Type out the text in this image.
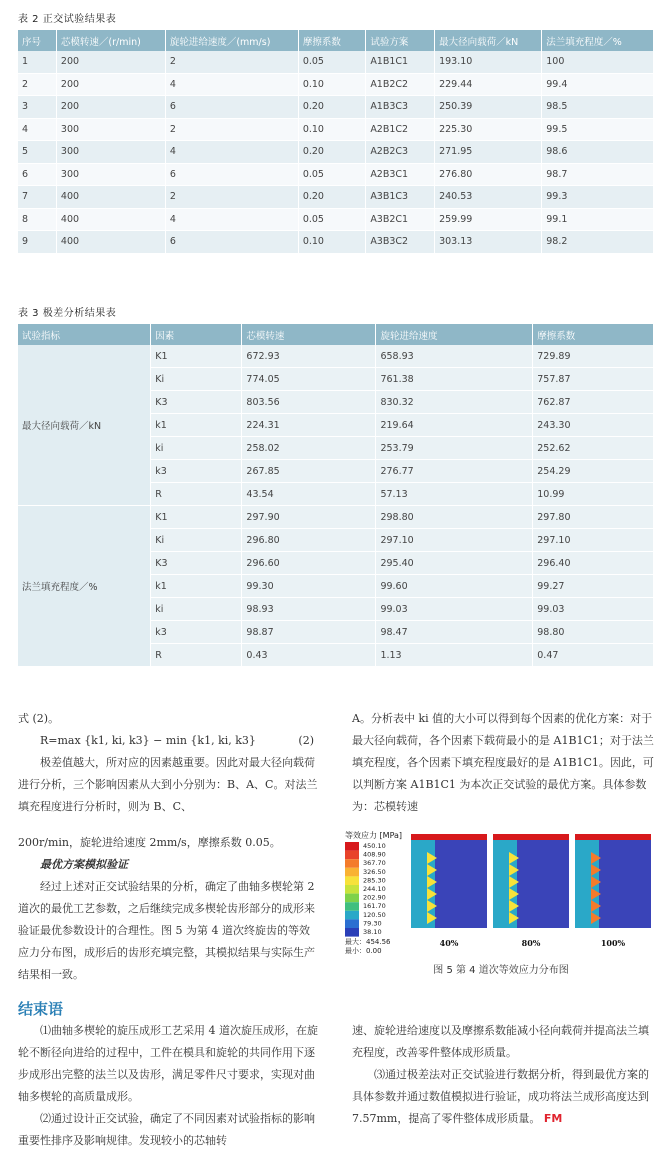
表 2 正交试验结果表
序号	芯模转速／(r/min)	旋轮进给速度／(mm/s)	摩擦系数	试验方案	最大径向载荷／kN	法兰填充程度／%
1	200	2	0.05	A1B1C1	193.10	100
2	200	4	0.10	A1B2C2	229.44	99.4
3	200	6	0.20	A1B3C3	250.39	98.5
4	300	2	0.10	A2B1C2	225.30	99.5
5	300	4	0.20	A2B2C3	271.95	98.6
6	300	6	0.05	A2B3C1	276.80	98.7
7	400	2	0.20	A3B1C3	240.53	99.3
8	400	4	0.05	A3B2C1	259.99	99.1
9	400	6	0.10	A3B3C2	303.13	98.2
表 3 极差分析结果表
试验指标	因素	芯模转速	旋轮进给速度	摩擦系数
最大径向载荷／kN	K1	672.93	658.93	729.89
	Ki	774.05	761.38	757.87
	K3	803.56	830.32	762.87
	k1	224.31	219.64	243.30
	ki	258.02	253.79	252.62
	k3	267.85	276.77	254.29
	R	43.54	57.13	10.99
法兰填充程度／%	K1	297.90	298.80	297.80
	Ki	296.80	297.10	297.10
	K3	296.60	295.40	296.40
	k1	99.30	99.60	99.27
	ki	98.93	99.03	99.03
	k3	98.87	98.47	98.80
	R	0.43	1.13	0.47
式 (2)。
R=max {k1, ki, k3} − min {k1, ki, k3}	(2)

极差值越大，所对应的因素越重要。因此对最大径向载荷进行分析，三个影响因素从大到小分别为：B、A、C。对法兰填充程度进行分析时，则为 B、C、

200r/min，旋轮进给速度 2mm/s，摩擦系数 0.05。
最优方案模拟验证

经过上述对正交试验结果的分析，确定了曲轴多楔轮第 2 道次的最优工艺参数，之后继续完成多楔轮齿形部分的成形来验证最优参数设计的合理性。图 5 为第 4 道次终旋齿的等效应力分布图，成形后的齿形充填完整，其模拟结果与实际生产结果相一致。

A。分析表中 ki 值的大小可以得到每个因素的优化方案：对于最大径向载荷，各个因素下载荷最小的是 A1B1C1；对于法兰填充程度，各个因素下填充程度最好的是 A1B1C1。因此，可以判断方案 A1B1C1 为本次正交试验的最优方案。具体参数为：芯模转速
等效应力 [MPa]
450.10
408.90
367.70
326.50
285.30
244.10
202.90
161.70
120.50
79.30
38.10
最大：454.56
最小：0.00
40%	80%	100%
图 5 第 4 道次等效应力分布图
结束语

⑴曲轴多楔轮的旋压成形工艺采用 4 道次旋压成形，在旋轮不断径向进给的过程中，工件在模具和旋轮的共同作用下逐步成形出完整的法兰以及齿形，满足零件尺寸要求，实现对曲轴多楔轮的高质量成形。

⑵通过设计正交试验，确定了不同因素对试验指标的影响重要性排序及影响规律。发现较小的芯轴转

速、旋轮进给速度以及摩擦系数能减小径向载荷并提高法兰填充程度，改善零件整体成形质量。

⑶通过极差法对正交试验进行数据分析，得到最优方案的具体参数并通过数值模拟进行验证，成功将法兰成形高度达到 7.57mm，提高了零件整体成形质量。 FM
